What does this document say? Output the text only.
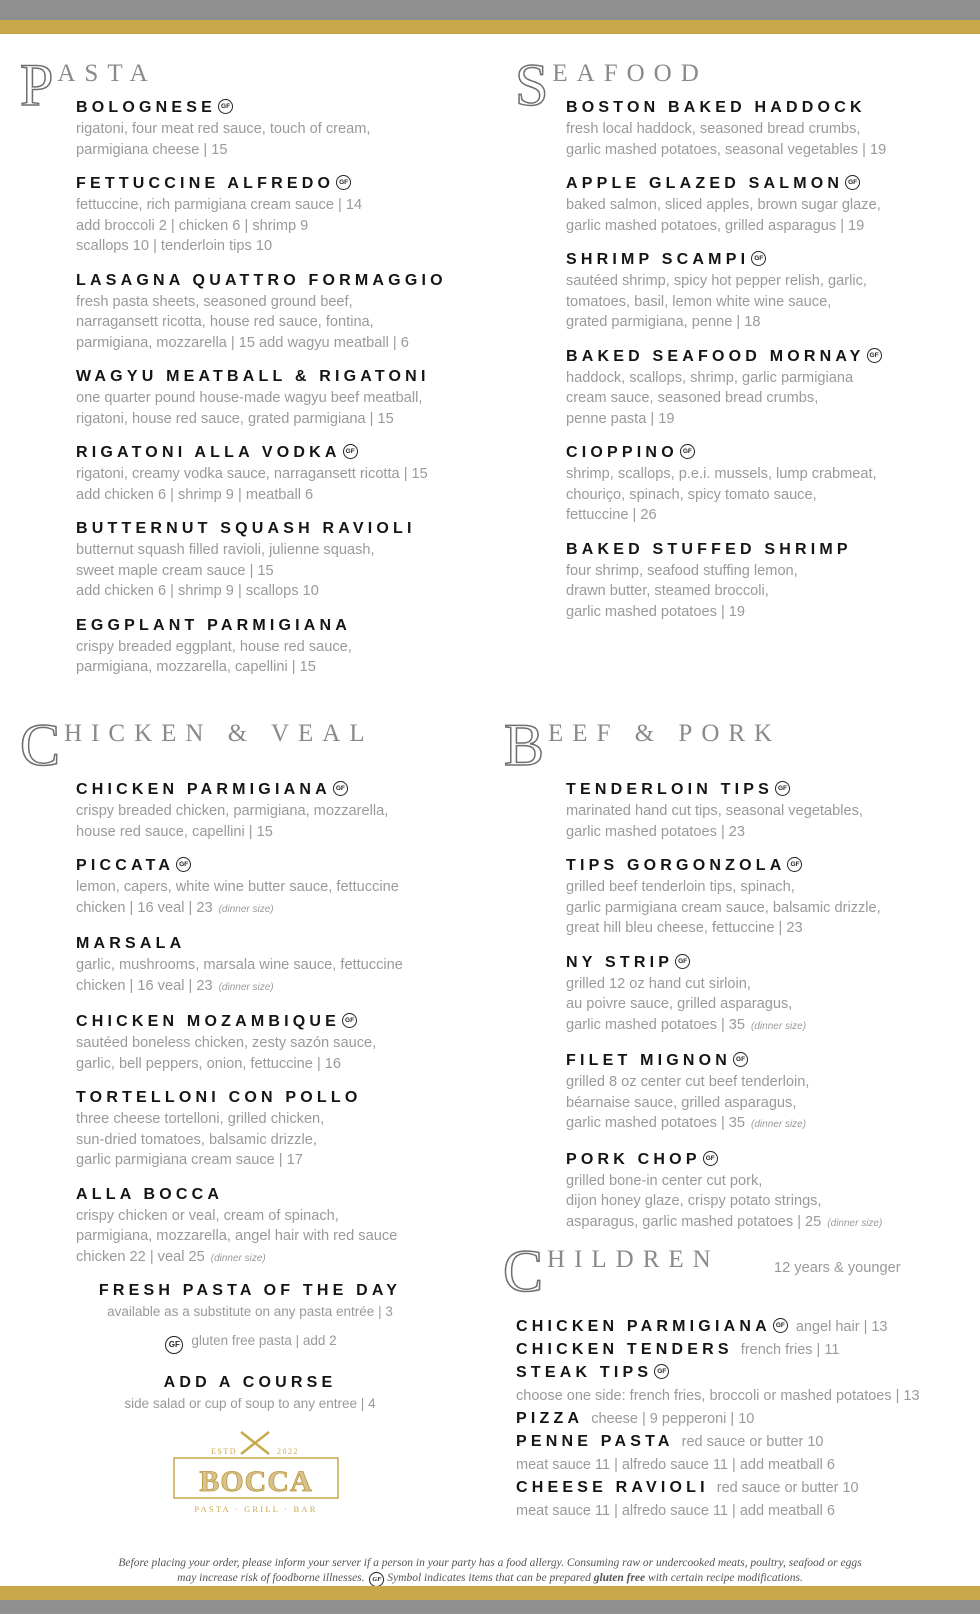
P ASTA
BOLOGNESE GF
rigatoni, four meat red sauce, touch of cream,
parmigiana cheese | 15
FETTUCCINE ALFREDO GF
fettuccine, rich parmigiana cream sauce | 14
add broccoli 2 | chicken 6 | shrimp 9
scallops 10 | tenderloin tips 10
LASAGNA QUATTRO FORMAGGIO
fresh pasta sheets, seasoned ground beef,
narragansett ricotta, house red sauce, fontina,
parmigiana, mozzarella | 15 add wagyu meatball | 6
WAGYU MEATBALL & RIGATONI
one quarter pound house-made wagyu beef meatball,
rigatoni, house red sauce, grated parmigiana | 15
RIGATONI ALLA VODKA GF
rigatoni, creamy vodka sauce, narragansett ricotta | 15
add chicken 6 | shrimp 9 | meatball 6
BUTTERNUT SQUASH RAVIOLI
butternut squash filled ravioli, julienne squash,
sweet maple cream sauce | 15
add chicken 6 | shrimp 9 | scallops 10
EGGPLANT PARMIGIANA
crispy breaded eggplant, house red sauce,
parmigiana, mozzarella, capellini | 15
S EAFOOD
BOSTON BAKED HADDOCK
fresh local haddock, seasoned bread crumbs,
garlic mashed potatoes, seasonal vegetables | 19
APPLE GLAZED SALMON GF
baked salmon, sliced apples, brown sugar glaze,
garlic mashed potatoes, grilled asparagus | 19
SHRIMP SCAMPI GF
sautéed shrimp, spicy hot pepper relish, garlic,
tomatoes, basil, lemon white wine sauce,
grated parmigiana, penne | 18
BAKED SEAFOOD MORNAY GF
haddock, scallops, shrimp, garlic parmigiana
cream sauce, seasoned bread crumbs,
penne pasta | 19
CIOPPINO GF
shrimp, scallops, p.e.i. mussels, lump crabmeat,
chouriço, spinach, spicy tomato sauce,
fettuccine | 26
BAKED STUFFED SHRIMP
four shrimp, seafood stuffing lemon,
drawn butter, steamed broccoli,
garlic mashed potatoes | 19
C HICKEN & VEAL
CHICKEN PARMIGIANA GF
crispy breaded chicken, parmigiana, mozzarella,
house red sauce, capellini | 15
PICCATA GF
lemon, capers, white wine butter sauce, fettuccine
chicken | 16 veal | 23 (dinner size)
MARSALA
garlic, mushrooms, marsala wine sauce, fettuccine
chicken | 16 veal | 23 (dinner size)
CHICKEN MOZAMBIQUE GF
sautéed boneless chicken, zesty sazón sauce,
garlic, bell peppers, onion, fettuccine | 16
TORTELLONI CON POLLO
three cheese tortelloni, grilled chicken,
sun-dried tomatoes, balsamic drizzle,
garlic parmigiana cream sauce | 17
ALLA BOCCA
crispy chicken or veal, cream of spinach,
parmigiana, mozzarella, angel hair with red sauce
chicken 22 | veal 25 (dinner size)
B EEF & PORK
TENDERLOIN TIPS GF
marinated hand cut tips, seasonal vegetables,
garlic mashed potatoes | 23
TIPS GORGONZOLA GF
grilled beef tenderloin tips, spinach,
garlic parmigiana cream sauce, balsamic drizzle,
great hill bleu cheese, fettuccine | 23
NY STRIP GF
grilled 12 oz hand cut sirloin,
au poivre sauce, grilled asparagus,
garlic mashed potatoes | 35 (dinner size)
FILET MIGNON GF
grilled 8 oz center cut beef tenderloin,
béarnaise sauce, grilled asparagus,
garlic mashed potatoes | 35 (dinner size)
PORK CHOP GF
grilled bone-in center cut pork,
dijon honey glaze, crispy potato strings,
asparagus, garlic mashed potatoes | 25 (dinner size)
C HILDREN	12 years & younger
CHICKEN PARMIGIANA GF angel hair | 13
CHICKEN TENDERS french fries | 11
STEAK TIPS GF
choose one side: french fries, broccoli or mashed potatoes | 13
PIZZA cheese | 9 pepperoni | 10
PENNE PASTA red sauce or butter 10
meat sauce 11 | alfredo sauce 11 | add meatball 6
CHEESE RAVIOLI red sauce or butter 10
meat sauce 11 | alfredo sauce 11 | add meatball 6
FRESH PASTA OF THE DAY
available as a substitute on any pasta entrée | 3
GF gluten free pasta | add 2
ADD A COURSE
side salad or cup of soup to any entree | 4
ESTD	2022
BOCCA
PASTA · GRILL · BAR
Before placing your order, please inform your server if a person in your party has a food allergy. Consuming raw or undercooked meats, poultry, seafood or eggs
may increase risk of foodborne illnesses. GF Symbol indicates items that can be prepared gluten free with certain recipe modifications.
